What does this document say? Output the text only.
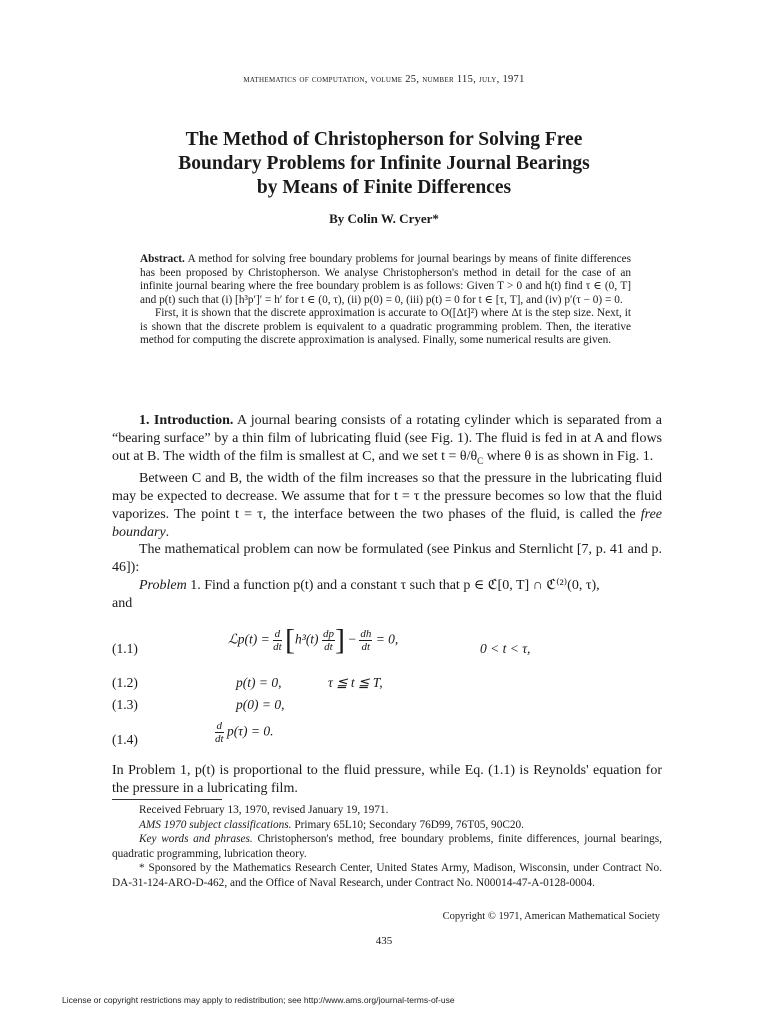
mathematics of computation, volume 25, number 115, july, 1971
The Method of Christopherson for Solving Free
Boundary Problems for Infinite Journal Bearings
by Means of Finite Differences
By Colin W. Cryer*

Abstract. A method for solving free boundary problems for journal bearings by means of finite differences has been proposed by Christopherson. We analyse Christopherson's method in detail for the case of an infinite journal bearing where the free boundary problem is as follows: Given T > 0 and h(t) find τ ∈ (0, T] and p(t) such that (i) [h³p′]′ = h′ for t ∈ (0, τ), (ii) p(0) = 0, (iii) p(t) = 0 for t ∈ [τ, T], and (iv) p′(τ − 0) = 0.

First, it is shown that the discrete approximation is accurate to O([Δt]²) where Δt is the step size. Next, it is shown that the discrete problem is equivalent to a quadratic programming problem. Then, the iterative method for computing the discrete approximation is analysed. Finally, some numerical results are given.

1. Introduction. A journal bearing consists of a rotating cylinder which is separated from a “bearing surface” by a thin film of lubricating fluid (see Fig. 1). The fluid is fed in at A and flows out at B. The width of the film is smallest at C, and we set $t = \theta/\theta_C$ where θ is as shown in Fig. 1.

Between C and B, the width of the film increases so that the pressure in the lubricating fluid may be expected to decrease. We assume that for t = τ the pressure becomes so low that the fluid vaporizes. The point t = τ, the interface between the two phases of the fluid, is called the free boundary.

The mathematical problem can now be formulated (see Pinkus and Sternlicht [7, p. 41 and p. 46]):

Problem 1. Find a function p(t) and a constant τ such that p ∈ ℭ[0, T] ∩ ℭ⁽²⁾(0, τ),

and

(1.1)
ℒp(t) = $\frac{d}{dt} [h^3(t) \frac{dp}{dt}$ ] − $\frac{dh}{dt} = 0$,
0 < t < τ,
(1.2)	p(t) = 0,	τ ≦ t ≦ T,
(1.3)	p(0) = 0,
(1.4)	$\frac{d}{dt} p(\tau) = 0$.
In Problem 1, p(t) is proportional to the fluid pressure, while Eq. (1.1) is Reynolds' equation for the pressure in a lubricating film.

Received February 13, 1970, revised January 19, 1971.

AMS 1970 subject classifications. Primary 65L10; Secondary 76D99, 76T05, 90C20.

Key words and phrases. Christopherson's method, free boundary problems, finite differences, journal bearings, quadratic programming, lubrication theory.

* Sponsored by the Mathematics Research Center, United States Army, Madison, Wisconsin, under Contract No. DA-31-124-ARO-D-462, and the Office of Naval Research, under Contract No. N00014-47-A-0128-0004.

Copyright © 1971, American Mathematical Society
435
License or copyright restrictions may apply to redistribution; see http://www.ams.org/journal-terms-of-use
